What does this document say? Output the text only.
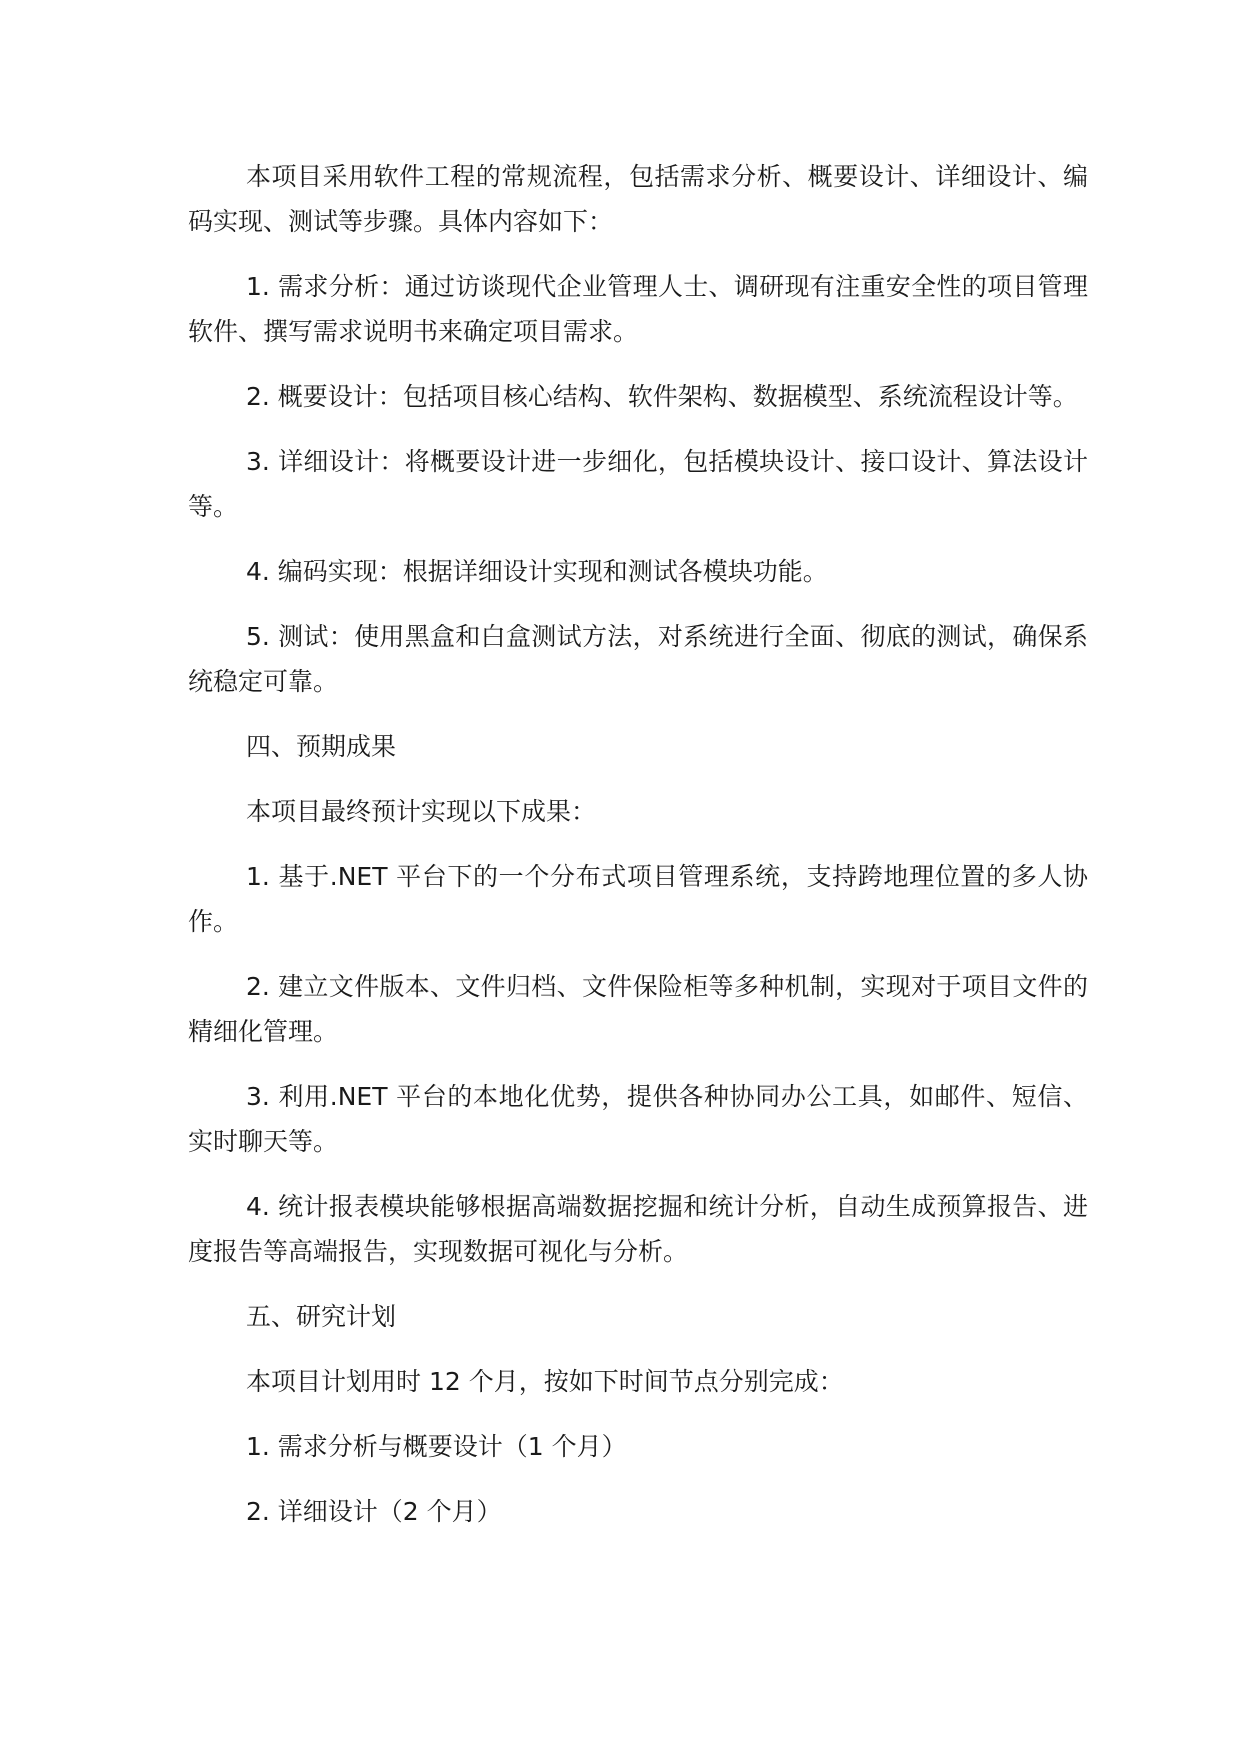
本项目采用软件工程的常规流程，包括需求分析、概要设计、详细设计、编码实现、测试等步骤。具体内容如下：

1. 需求分析：通过访谈现代企业管理人士、调研现有注重安全性的项目管理软件、撰写需求说明书来确定项目需求。

2. 概要设计：包括项目核心结构、软件架构、数据模型、系统流程设计等。

3. 详细设计：将概要设计进一步细化，包括模块设计、接口设计、算法设计等。

4. 编码实现：根据详细设计实现和测试各模块功能。

5. 测试：使用黑盒和白盒测试方法，对系统进行全面、彻底的测试，确保系统稳定可靠。

四、预期成果

本项目最终预计实现以下成果：

1. 基于.NET 平台下的一个分布式项目管理系统，支持跨地理位置的多人协作。

2. 建立文件版本、文件归档、文件保险柜等多种机制，实现对于项目文件的精细化管理。

3. 利用.NET 平台的本地化优势，提供各种协同办公工具，如邮件、短信、实时聊天等。

4. 统计报表模块能够根据高端数据挖掘和统计分析，自动生成预算报告、进度报告等高端报告，实现数据可视化与分析。

五、研究计划

本项目计划用时 12 个月，按如下时间节点分别完成：

1. 需求分析与概要设计（1 个月）

2. 详细设计（2 个月）
